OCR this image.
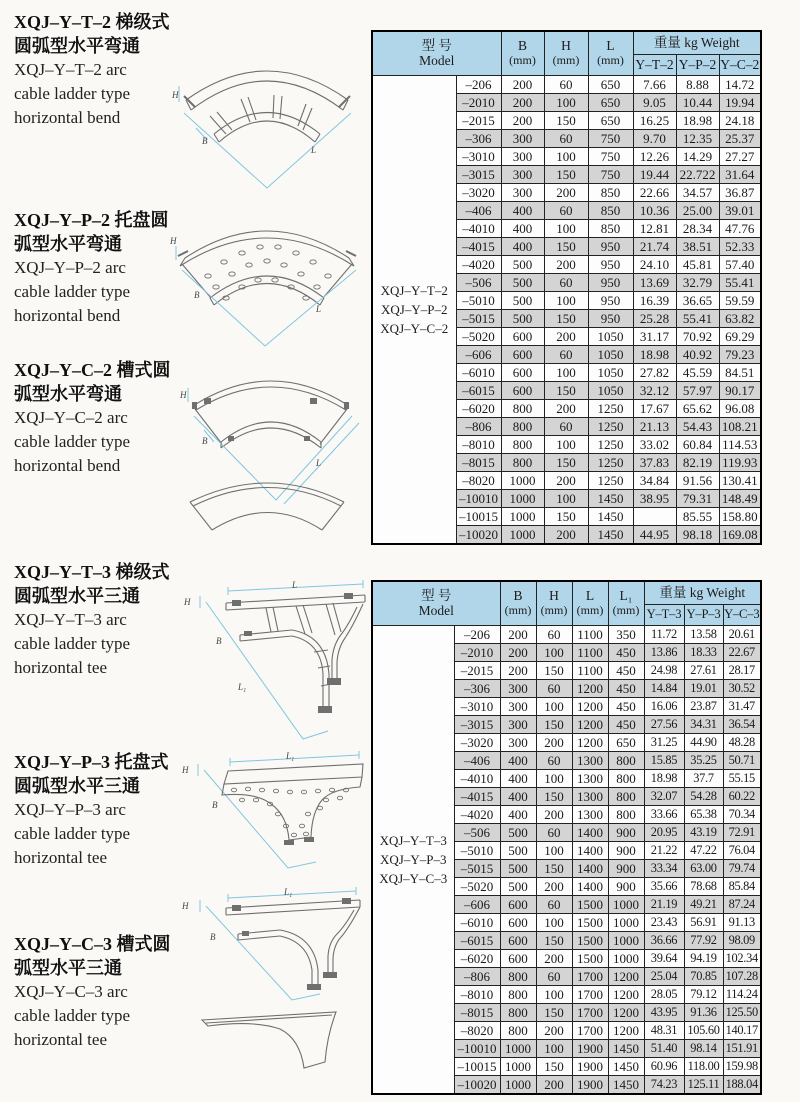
XQJ–Y–T–2 梯级式
圆弧型水平弯通
XQJ–Y–T–2 arc
cable ladder type
horizontal bend
XQJ–Y–P–2 托盘圆
弧型水平弯通
XQJ–Y–P–2 arc
cable ladder type
horizontal bend
XQJ–Y–C–2 槽式圆
弧型水平弯通
XQJ–Y–C–2 arc
cable ladder type
horizontal bend
XQJ–Y–T–3 梯级式
圆弧型水平三通
XQJ–Y–T–3 arc
cable ladder type
horizontal tee
XQJ–Y–P–3 托盘式
圆弧型水平三通
XQJ–Y–P–3 arc
cable ladder type
horizontal tee
XQJ–Y–C–3 槽式圆
弧型水平三通
XQJ–Y–C–3 arc
cable ladder type
horizontal tee
H
B
L
H
B
L
H
B
L
L
H
B
L₁
L₁
H
B
L₁
H
B
型 号
Model

B
(mm)

H
(mm)

L
(mm)
	重量 kg Weight
					Y–T–2	Y–P–2	Y–C–2

XQJ–Y–T–2
XQJ–Y–P–2
XQJ–Y–C–2	–206	200	60	650	7.66	8.88	14.72
	–2010	200	100	650	9.05	10.44	19.94
	–2015	200	150	650	16.25	18.98	24.18
	–306	300	60	750	9.70	12.35	25.37
	–3010	300	100	750	12.26	14.29	27.27
	–3015	300	150	750	19.44	22.722	31.64
	–3020	300	200	850	22.66	34.57	36.87
	–406	400	60	850	10.36	25.00	39.01
	–4010	400	100	850	12.81	28.34	47.76
	–4015	400	150	950	21.74	38.51	52.33
	–4020	500	200	950	24.10	45.81	57.40
	–506	500	60	950	13.69	32.79	55.41
	–5010	500	100	950	16.39	36.65	59.59
	–5015	500	150	950	25.28	55.41	63.82
	–5020	600	200	1050	31.17	70.92	69.29
	–606	600	60	1050	18.98	40.92	79.23
	–6010	600	100	1050	27.82	45.59	84.51
	–6015	600	150	1050	32.12	57.97	90.17
	–6020	800	200	1250	17.67	65.62	96.08
	–806	800	60	1250	21.13	54.43	108.21
	–8010	800	100	1250	33.02	60.84	114.53
	–8015	800	150	1250	37.83	82.19	119.93
	–8020	1000	200	1250	34.84	91.56	130.41
	–10010	1000	100	1450	38.95	79.31	148.49
	–10015	1000	150	1450		85.55	158.80
	–10020	1000	200	1450	44.95	98.18	169.08
型 号
Model

B
(mm)

H
(mm)

L
(mm)

L₁
(mm)
	重量 kg Weight
						Y–T–3	Y–P–3	Y–C–3

XQJ–Y–T–3
XQJ–Y–P–3
XQJ–Y–C–3	–206	200	60	1100	350	11.72	13.58	20.61
	–2010	200	100	1100	450	13.86	18.33	22.67
	–2015	200	150	1100	450	24.98	27.61	28.17
	–306	300	60	1200	450	14.84	19.01	30.52
	–3010	300	100	1200	450	16.06	23.87	31.47
	–3015	300	150	1200	450	27.56	34.31	36.54
	–3020	300	200	1200	650	31.25	44.90	48.28
	–406	400	60	1300	800	15.85	35.25	50.71
	–4010	400	100	1300	800	18.98	37.7	55.15
	–4015	400	150	1300	800	32.07	54.28	60.22
	–4020	400	200	1300	800	33.66	65.38	70.34
	–506	500	60	1400	900	20.95	43.19	72.91
	–5010	500	100	1400	900	21.22	47.22	76.04
	–5015	500	150	1400	900	33.34	63.00	79.74
	–5020	500	200	1400	900	35.66	78.68	85.84
	–606	600	60	1500	1000	21.19	49.21	87.24
	–6010	600	100	1500	1000	23.43	56.91	91.13
	–6015	600	150	1500	1000	36.66	77.92	98.09
	–6020	600	200	1500	1000	39.64	94.19	102.34
	–806	800	60	1700	1200	25.04	70.85	107.28
	–8010	800	100	1700	1200	28.05	79.12	114.24
	–8015	800	150	1700	1200	43.95	91.36	125.50
	–8020	800	200	1700	1200	48.31	105.60	140.17
	–10010	1000	100	1900	1450	51.40	98.14	151.91
	–10015	1000	150	1900	1450	60.96	118.00	159.98
	–10020	1000	200	1900	1450	74.23	125.11	188.04
